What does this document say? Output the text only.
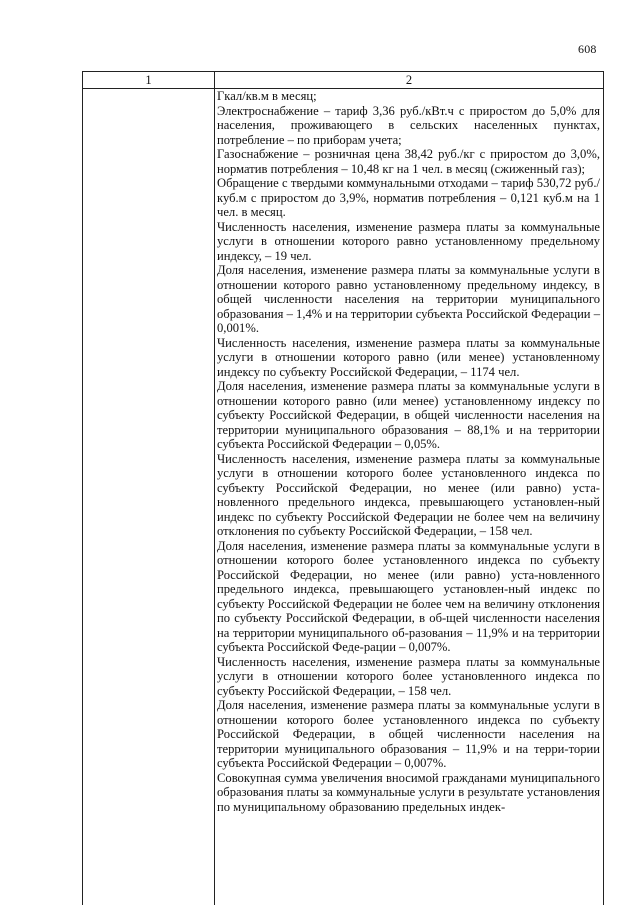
608
1	2

Гкал/кв.м в месяц;

Электроснабжение – тариф 3,36 руб./кВт.ч с приростом до 5,0% для населения, проживающего в сельских населенных пунктах, потребление – по приборам учета;

Газоснабжение – розничная цена 38,42 руб./кг с приростом до 3,0%, норматив потребления – 10,48 кг на 1 чел. в месяц (сжиженный газ);

Обращение с твердыми коммунальными отходами – тариф 530,72 руб./куб.м с приростом до 3,9%, норматив потребления – 0,121 куб.м на 1 чел. в месяц.

Численность населения, изменение размера платы за коммунальные услуги в отношении которого равно установленному предельному индексу, – 19 чел.

Доля населения, изменение размера платы за коммунальные услуги в отношении которого равно установленному предельному индексу, в общей численности населения на территории муниципального образования – 1,4% и на территории субъекта Российской Федерации – 0,001%.

Численность населения, изменение размера платы за коммунальные услуги в отношении которого равно (или менее) установленному индексу по субъекту Российской Федерации, – 1174 чел.

Доля населения, изменение размера платы за коммунальные услуги в отношении которого равно (или менее) установленному индексу по субъекту Российской Федерации, в общей численности населения на территории муниципального образования – 88,1% и на территории субъекта Российской Федерации – 0,05%.

Численность населения, изменение размера платы за коммунальные услуги в отношении которого более установленного индекса по субъекту Российской Федерации, но менее (или равно) уста-новленного предельного индекса, превышающего установлен-ный индекс по субъекту Российской Федерации не более чем на величину отклонения по субъекту Российской Федерации, – 158 чел.

Доля населения, изменение размера платы за коммунальные услуги в отношении которого более установленного индекса по субъекту Российской Федерации, но менее (или равно) уста-новленного предельного индекса, превышающего установлен-ный индекс по субъекту Российской Федерации не более чем на величину отклонения по субъекту Российской Федерации, в об-щей численности населения на территории муниципального об-разования – 11,9% и на территории субъекта Российской Феде-рации – 0,007%.

Численность населения, изменение размера платы за коммунальные услуги в отношении которого более установленного индекса по субъекту Российской Федерации, – 158 чел.

Доля населения, изменение размера платы за коммунальные услуги в отношении которого более установленного индекса по субъекту Российской Федерации, в общей численности населения на территории муниципального образования – 11,9% и на терри-тории субъекта Российской Федерации – 0,007%.

Совокупная сумма увеличения вносимой гражданами муниципального образования платы за коммунальные услуги в результате установления по муниципальному образованию предельных индек-
